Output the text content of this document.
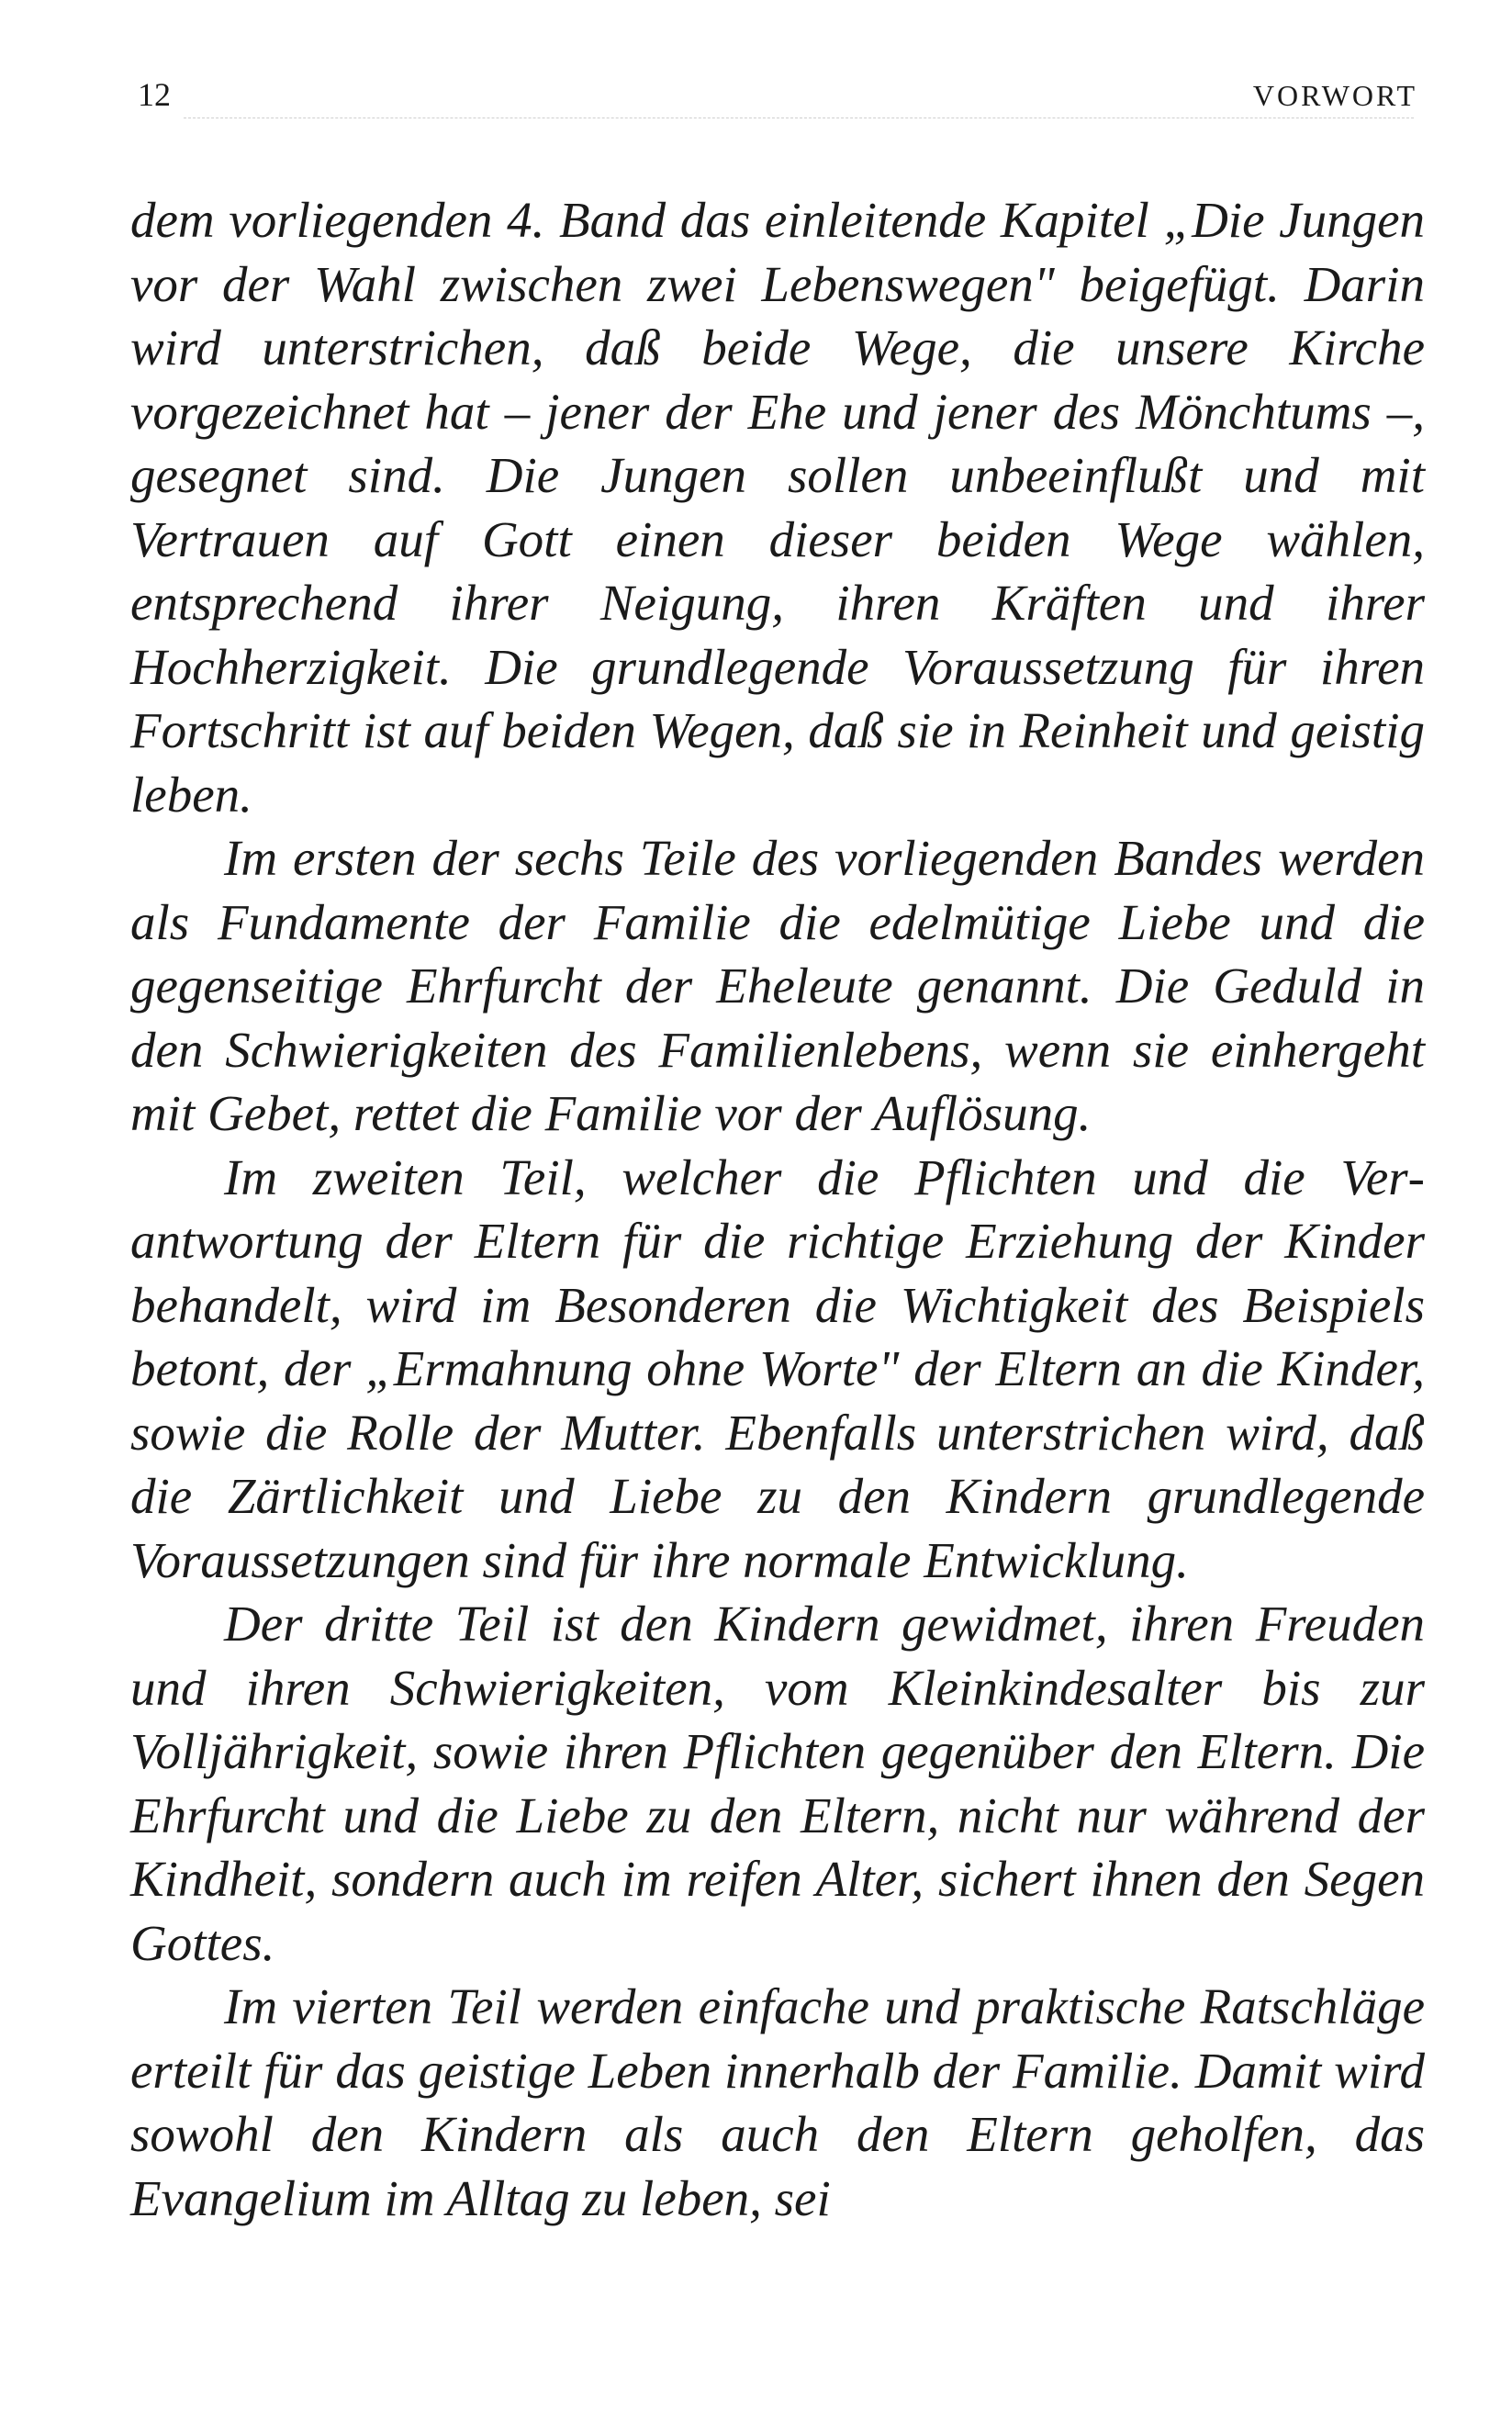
12	VORWORT

dem vorliegenden 4. Band das einleitende Kapitel „Die Jungen vor der Wahl zwischen zwei Lebenswegen" beigefügt. Darin wird unterstrichen, daß beide Wege, die unsere Kirche vorgezeichnet hat – jener der Ehe und jener des Mönchtums –, gesegnet sind. Die Jungen sollen unbeeinflußt und mit Vertrauen auf Gott einen dieser beiden Wege wählen, entsprechend ihrer Neigung, ihren Kräften und ihrer Hochherzigkeit. Die grundlegende Voraussetzung für ihren Fortschritt ist auf beiden Wegen, daß sie in Reinheit und geistig leben.

Im ersten der sechs Teile des vorliegenden Bandes werden als Fundamente der Familie die edelmütige Liebe und die gegenseitige Ehrfurcht der Eheleute genannt. Die Geduld in den Schwierigkeiten des Familienlebens, wenn sie einhergeht mit Gebet, rettet die Familie vor der Auflösung.

Im zweiten Teil, welcher die Pflichten und die Verantwortung der Eltern für die richtige Erziehung der Kinder behandelt, wird im Besonderen die Wichtigkeit des Beispiels betont, der „Ermahnung ohne Worte" der Eltern an die Kinder, sowie die Rolle der Mutter. Ebenfalls unterstrichen wird, daß die Zärtlichkeit und Liebe zu den Kindern grundlegende Voraussetzungen sind für ihre normale Entwicklung.

Der dritte Teil ist den Kindern gewidmet, ihren Freuden und ihren Schwierigkeiten, vom Kleinkindesalter bis zur Volljährigkeit, sowie ihren Pflichten gegenüber den Eltern. Die Ehrfurcht und die Liebe zu den Eltern, nicht nur während der Kindheit, sondern auch im reifen Alter, sichert ihnen den Segen Gottes.

Im vierten Teil werden einfache und praktische Ratschläge erteilt für das geistige Leben innerhalb der Familie. Damit wird sowohl den Kindern als auch den Eltern geholfen, das Evangelium im Alltag zu leben, sei
